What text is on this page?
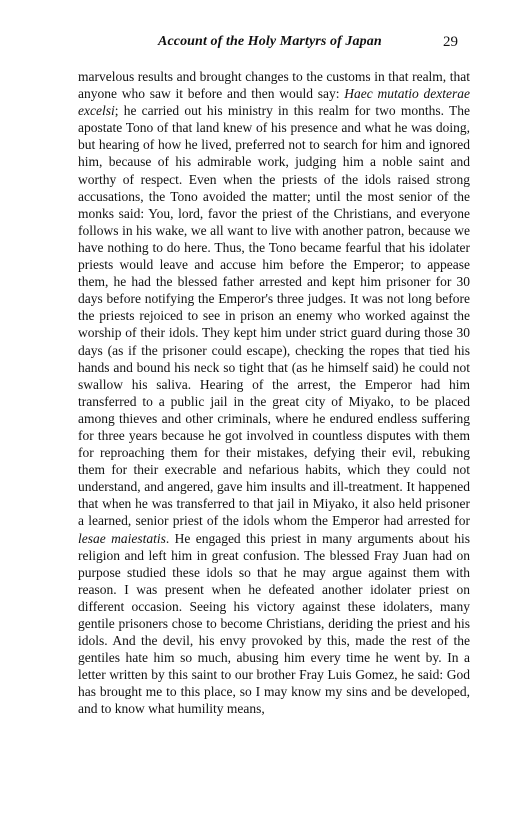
Account of the Holy Martyrs of Japan	29

marvelous results and brought changes to the customs in that realm, that anyone who saw it before and then would say: Haec mutatio dexterae excelsi; he carried out his ministry in this realm for two months. The apostate Tono of that land knew of his presence and what he was doing, but hearing of how he lived, preferred not to search for him and ignored him, because of his admirable work, judging him a noble saint and worthy of respect. Even when the priests of the idols raised strong accusations, the Tono avoided the matter; until the most senior of the monks said: You, lord, favor the priest of the Christians, and everyone follows in his wake, we all want to live with another patron, because we have nothing to do here. Thus, the Tono became fearful that his idolater priests would leave and accuse him before the Emperor; to appease them, he had the blessed father arrested and kept him prisoner for 30 days before notifying the Emperor's three judges. It was not long before the priests rejoiced to see in prison an enemy who worked against the worship of their idols. They kept him under strict guard during those 30 days (as if the prisoner could escape), checking the ropes that tied his hands and bound his neck so tight that (as he himself said) he could not swallow his saliva. Hearing of the arrest, the Emperor had him transferred to a public jail in the great city of Miyako, to be placed among thieves and other criminals, where he endured endless suffering for three years because he got involved in countless disputes with them for reproaching them for their mistakes, defying their evil, rebuking them for their execrable and nefarious habits, which they could not understand, and angered, gave him insults and ill-treatment. It happened that when he was transferred to that jail in Miyako, it also held prisoner a learned, senior priest of the idols whom the Emperor had arrested for lesae maiestatis. He engaged this priest in many arguments about his religion and left him in great confusion. The blessed Fray Juan had on purpose studied these idols so that he may argue against them with reason. I was present when he defeated another idolater priest on different occasion. Seeing his victory against these idolaters, many gentile prisoners chose to become Christians, deriding the priest and his idols. And the devil, his envy provoked by this, made the rest of the gentiles hate him so much, abusing him every time he went by. In a letter written by this saint to our brother Fray Luis Gomez, he said: God has brought me to this place, so I may know my sins and be developed, and to know what humility means,
